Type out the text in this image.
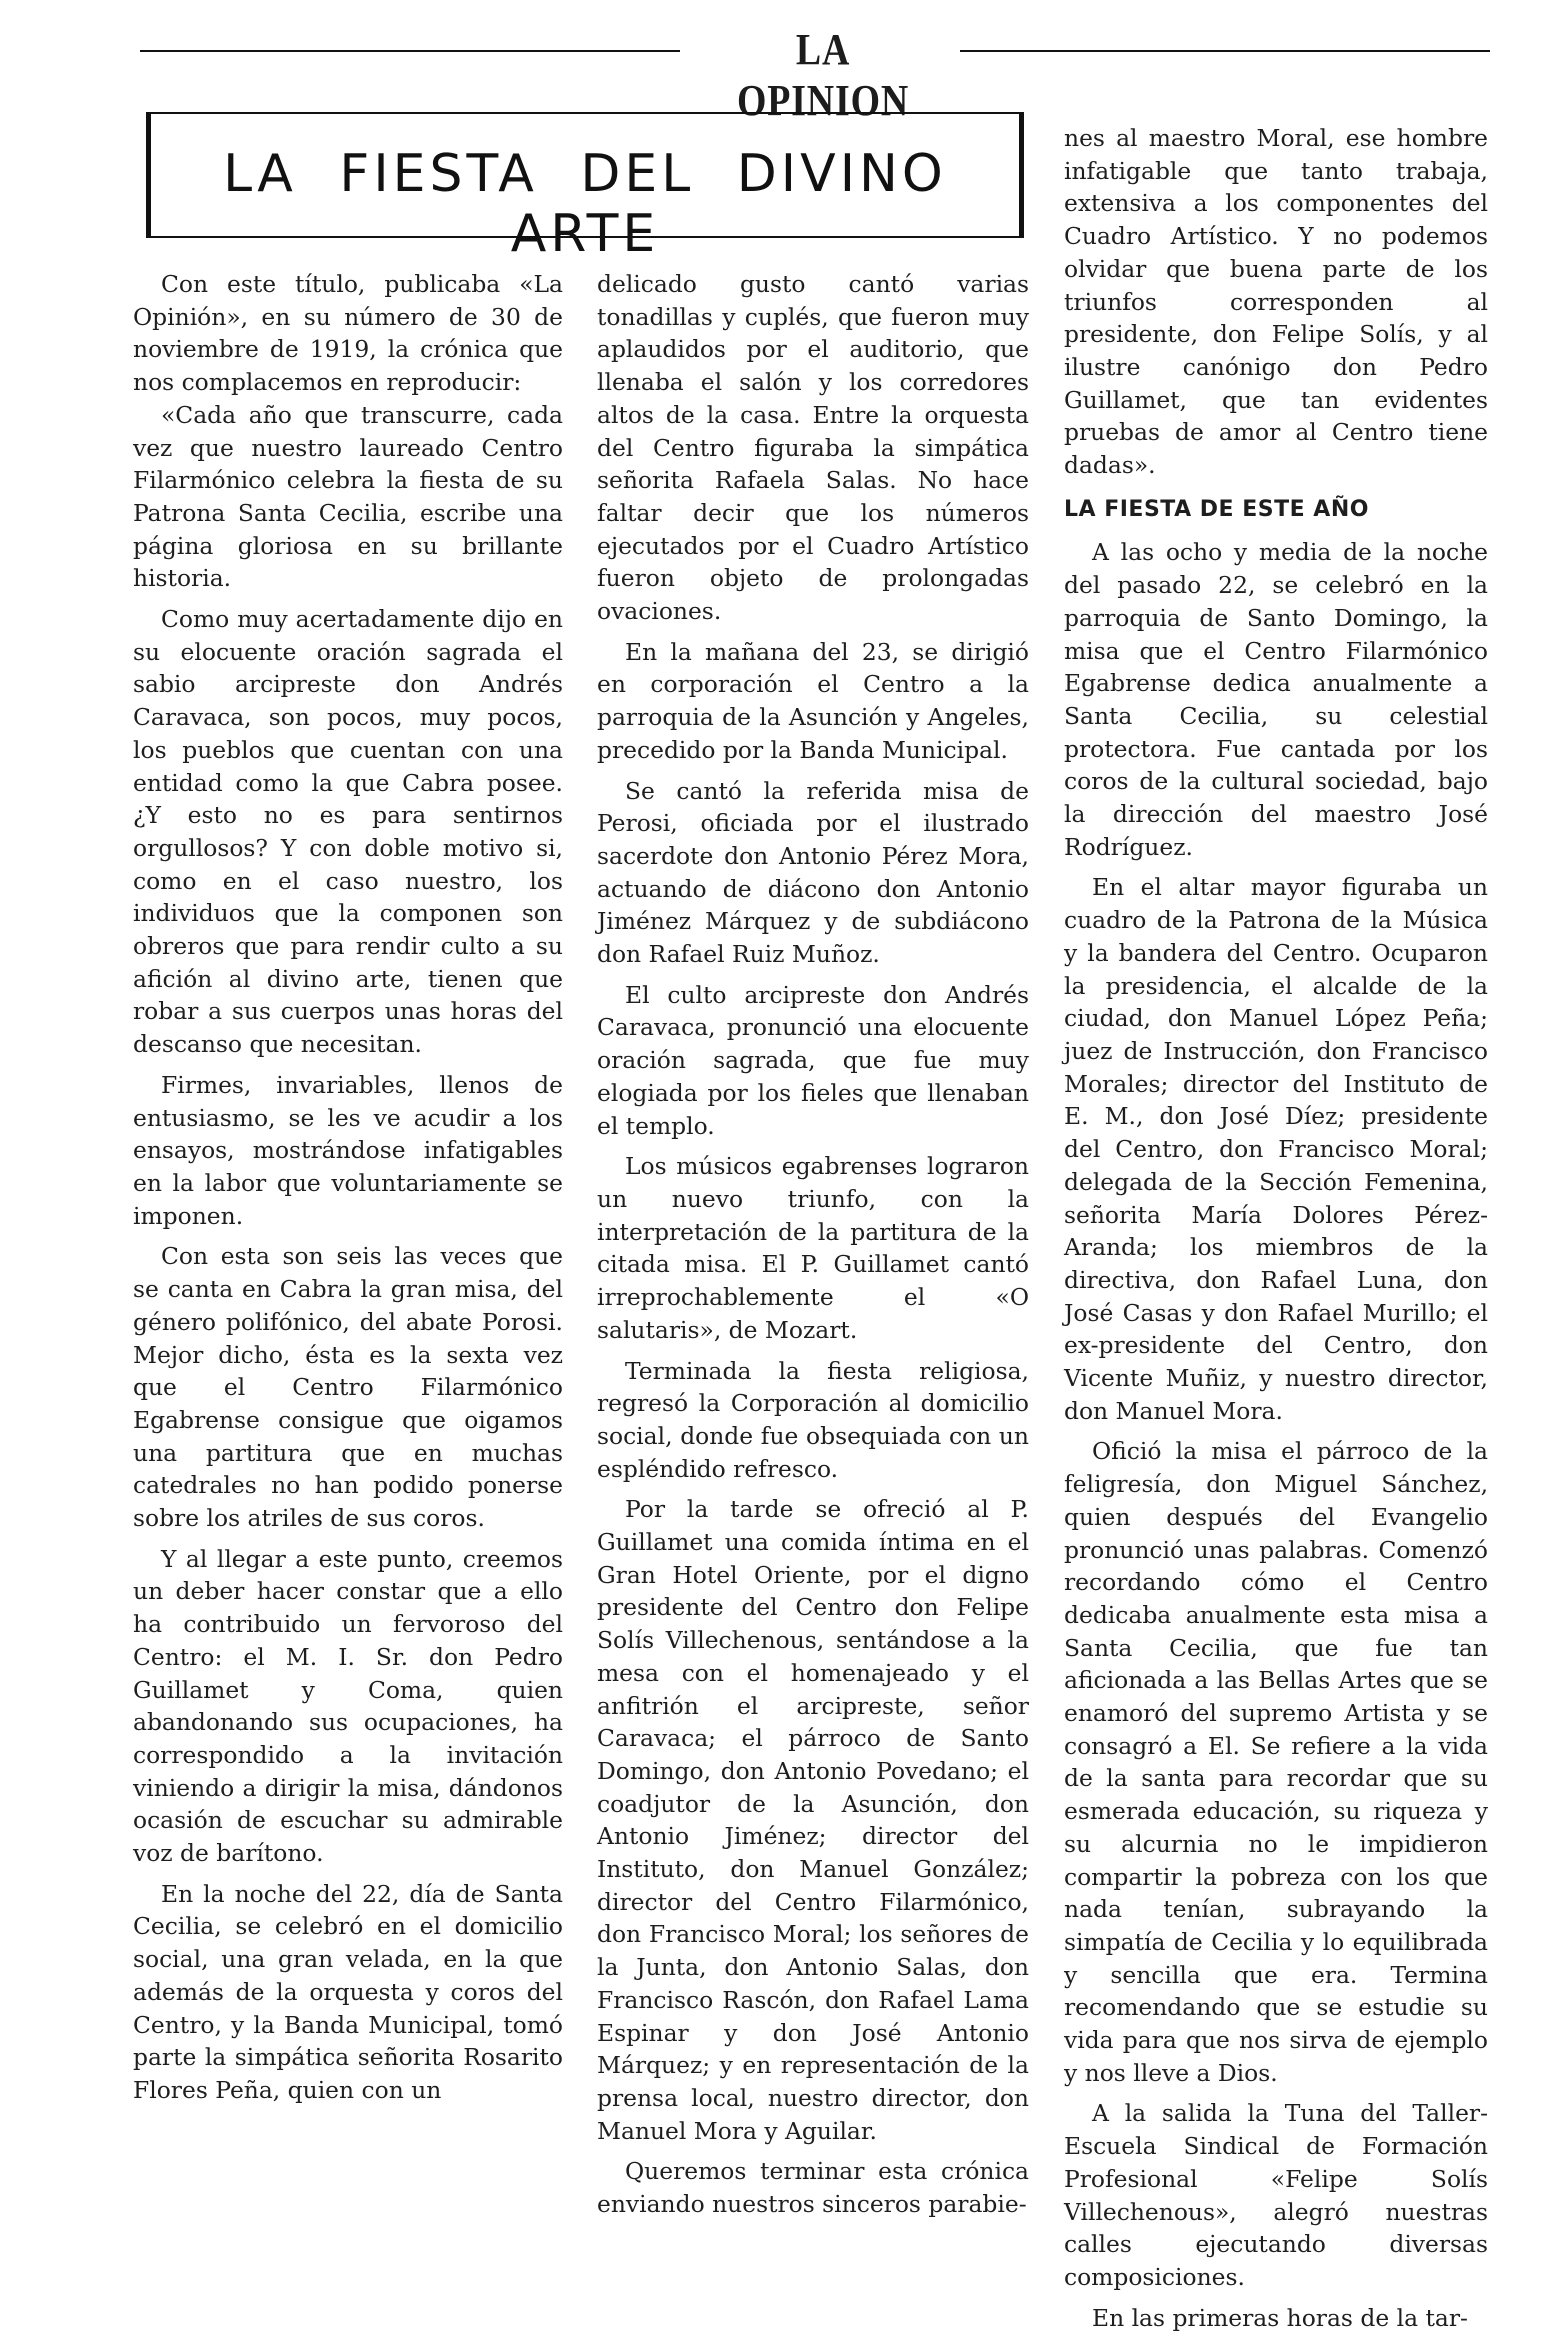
LA OPINION
LA FIESTA DEL DIVINO ARTE

Con este título, publicaba «La Opinión», en su número de 30 de noviembre de 1919, la crónica que nos complacemos en reproducir:

«Cada año que transcurre, cada vez que nuestro laureado Centro Filarmónico celebra la fiesta de su Patrona Santa Cecilia, escribe una página gloriosa en su brillante historia.

Como muy acertadamente dijo en su elocuente oración sagrada el sabio arcipreste don Andrés Caravaca, son pocos, muy pocos, los pueblos que cuentan con una entidad como la que Cabra posee. ¿Y esto no es para sentirnos orgullosos? Y con doble motivo si, como en el caso nuestro, los individuos que la componen son obreros que para rendir culto a su afición al divino arte, tienen que robar a sus cuerpos unas horas del descanso que necesitan.

Firmes, invariables, llenos de entusiasmo, se les ve acudir a los ensayos, mostrándose infatigables en la labor que voluntariamente se imponen.

Con esta son seis las veces que se canta en Cabra la gran misa, del género polifónico, del abate Porosi. Mejor dicho, ésta es la sexta vez que el Centro Filarmónico Egabrense consigue que oigamos una partitura que en muchas catedrales no han podido ponerse sobre los atriles de sus coros.

Y al llegar a este punto, creemos un deber hacer constar que a ello ha contribuido un fervoroso del Centro: el M. I. Sr. don Pedro Guillamet y Coma, quien abandonando sus ocupaciones, ha correspondido a la invitación viniendo a dirigir la misa, dándonos ocasión de escuchar su admirable voz de barítono.

En la noche del 22, día de Santa Cecilia, se celebró en el domicilio social, una gran velada, en la que además de la orquesta y coros del Centro, y la Banda Municipal, tomó parte la simpática señorita Rosarito Flores Peña, quien con un

delicado gusto cantó varias tonadillas y cuplés, que fueron muy aplaudidos por el auditorio, que llenaba el salón y los corredores altos de la casa. Entre la orquesta del Centro figuraba la simpática señorita Rafaela Salas. No hace faltar decir que los números ejecutados por el Cuadro Artístico fueron objeto de prolongadas ovaciones.

En la mañana del 23, se dirigió en corporación el Centro a la parroquia de la Asunción y Angeles, precedido por la Banda Municipal.

Se cantó la referida misa de Perosi, oficiada por el ilustrado sacerdote don Antonio Pérez Mora, actuando de diácono don Antonio Jiménez Márquez y de subdiácono don Rafael Ruiz Muñoz.

El culto arcipreste don Andrés Caravaca, pronunció una elocuente oración sagrada, que fue muy elogiada por los fieles que llenaban el templo.

Los músicos egabrenses lograron un nuevo triunfo, con la interpretación de la partitura de la citada misa. El P. Guillamet cantó irreprochablemente el «O salutaris», de Mozart.

Terminada la fiesta religiosa, regresó la Corporación al domicilio social, donde fue obsequiada con un espléndido refresco.

Por la tarde se ofreció al P. Guillamet una comida íntima en el Gran Hotel Oriente, por el digno presidente del Centro don Felipe Solís Villechenous, sentándose a la mesa con el homenajeado y el anfitrión el arcipreste, señor Caravaca; el párroco de Santo Domingo, don Antonio Povedano; el coadjutor de la Asunción, don Antonio Jiménez; director del Instituto, don Manuel González; director del Centro Filarmónico, don Francisco Moral; los señores de la Junta, don Antonio Salas, don Francisco Rascón, don Rafael Lama Espinar y don José Antonio Márquez; y en representación de la prensa local, nuestro director, don Manuel Mora y Aguilar.

Queremos terminar esta crónica enviando nuestros sinceros parabie-

nes al maestro Moral, ese hombre infatigable que tanto trabaja, extensiva a los componentes del Cuadro Artístico. Y no podemos olvidar que buena parte de los triunfos corresponden al presidente, don Felipe Solís, y al ilustre canónigo don Pedro Guillamet, que tan evidentes pruebas de amor al Centro tiene dadas».

LA FIESTA DE ESTE AÑO

A las ocho y media de la noche del pasado 22, se celebró en la parroquia de Santo Domingo, la misa que el Centro Filarmónico Egabrense dedica anualmente a Santa Cecilia, su celestial protectora. Fue cantada por los coros de la cultural sociedad, bajo la dirección del maestro José Rodríguez.

En el altar mayor figuraba un cuadro de la Patrona de la Música y la bandera del Centro. Ocuparon la presidencia, el alcalde de la ciudad, don Manuel López Peña; juez de Instrucción, don Francisco Morales; director del Instituto de E. M., don José Díez; presidente del Centro, don Francisco Moral; delegada de la Sección Femenina, señorita María Dolores Pérez-Aranda; los miembros de la directiva, don Rafael Luna, don José Casas y don Rafael Murillo; el ex-presidente del Centro, don Vicente Muñiz, y nuestro director, don Manuel Mora.

Ofició la misa el párroco de la feligresía, don Miguel Sánchez, quien después del Evangelio pronunció unas palabras. Comenzó recordando cómo el Centro dedicaba anualmente esta misa a Santa Cecilia, que fue tan aficionada a las Bellas Artes que se enamoró del supremo Artista y se consagró a El. Se refiere a la vida de la santa para recordar que su esmerada educación, su riqueza y su alcurnia no le impidieron compartir la pobreza con los que nada tenían, subrayando la simpatía de Cecilia y lo equilibrada y sencilla que era. Termina recomendando que se estudie su vida para que nos sirva de ejemplo y nos lleve a Dios.

A la salida la Tuna del Taller-Escuela Sindical de Formación Profesional «Felipe Solís Villechenous», alegró nuestras calles ejecutando diversas composiciones.

En las primeras horas de la tar-
